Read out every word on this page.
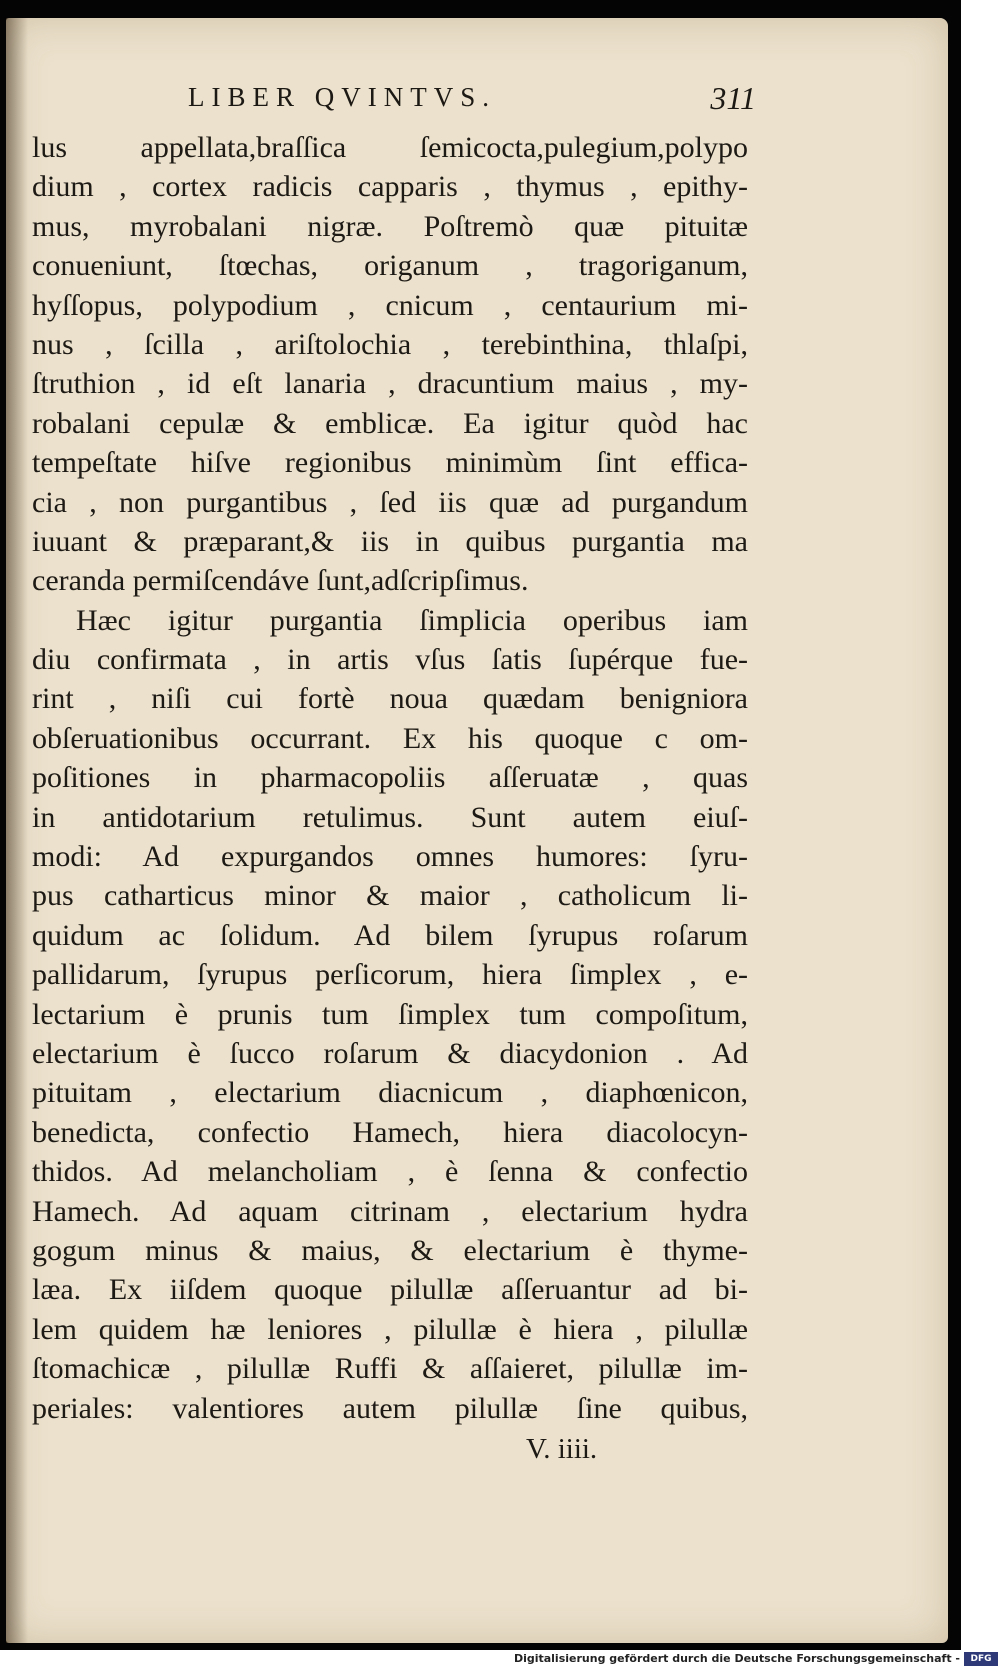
LIBER QVINTVS.	311
lus appellata,braſſica ſemicocta,pulegium,polypo
dium , cortex radicis capparis , thymus , epithy-
mus, myrobalani nigræ. Poſtremò quæ pituitæ
conueniunt, ſtœchas, origanum , tragoriganum,
hyſſopus, polypodium , cnicum , centaurium mi-
nus , ſcilla , ariſtolochia , terebinthina, thlaſpi,
ſtruthion , id eſt lanaria , dracuntium maius , my-
robalani cepulæ & emblicæ. Ea igitur quòd hac
tempeſtate hiſve regionibus minimùm ſint effica-
cia , non purgantibus , ſed iis quæ ad purgandum
iuuant & præparant,& iis in quibus purgantia ma
ceranda permiſcendáve ſunt,adſcripſimus.
Hæc igitur purgantia ſimplicia operibus iam
diu confirmata , in artis vſus ſatis ſupérque fue-
rint , niſi cui fortè noua quædam benigniora
obſeruationibus occurrant. Ex his quoque c om-
poſitiones in pharmacopoliis aſſeruatæ , quas
in antidotarium retulimus. Sunt autem eiuſ-
modi: Ad expurgandos omnes humores: ſyru-
pus catharticus minor & maior , catholicum li-
quidum ac ſolidum. Ad bilem ſyrupus roſarum
pallidarum, ſyrupus perſicorum, hiera ſimplex , e-
lectarium è prunis tum ſimplex tum compoſitum,
electarium è ſucco roſarum & diacydonion . Ad
pituitam , electarium diacnicum , diaphœnicon,
benedicta, confectio Hamech, hiera diacolocyn-
thidos. Ad melancholiam , è ſenna & confectio
Hamech. Ad aquam citrinam , electarium hydra
gogum minus & maius, & electarium è thyme-
læa. Ex iiſdem quoque pilullæ aſſeruantur ad bi-
lem quidem hæ leniores , pilullæ è hiera , pilullæ
ſtomachicæ , pilullæ Ruffi & aſſaieret, pilullæ im-
periales: valentiores autem pilullæ ſine quibus,
V. iiii.
Digitalisierung gefördert durch die Deutsche Forschungsgemeinschaft -	DFG
